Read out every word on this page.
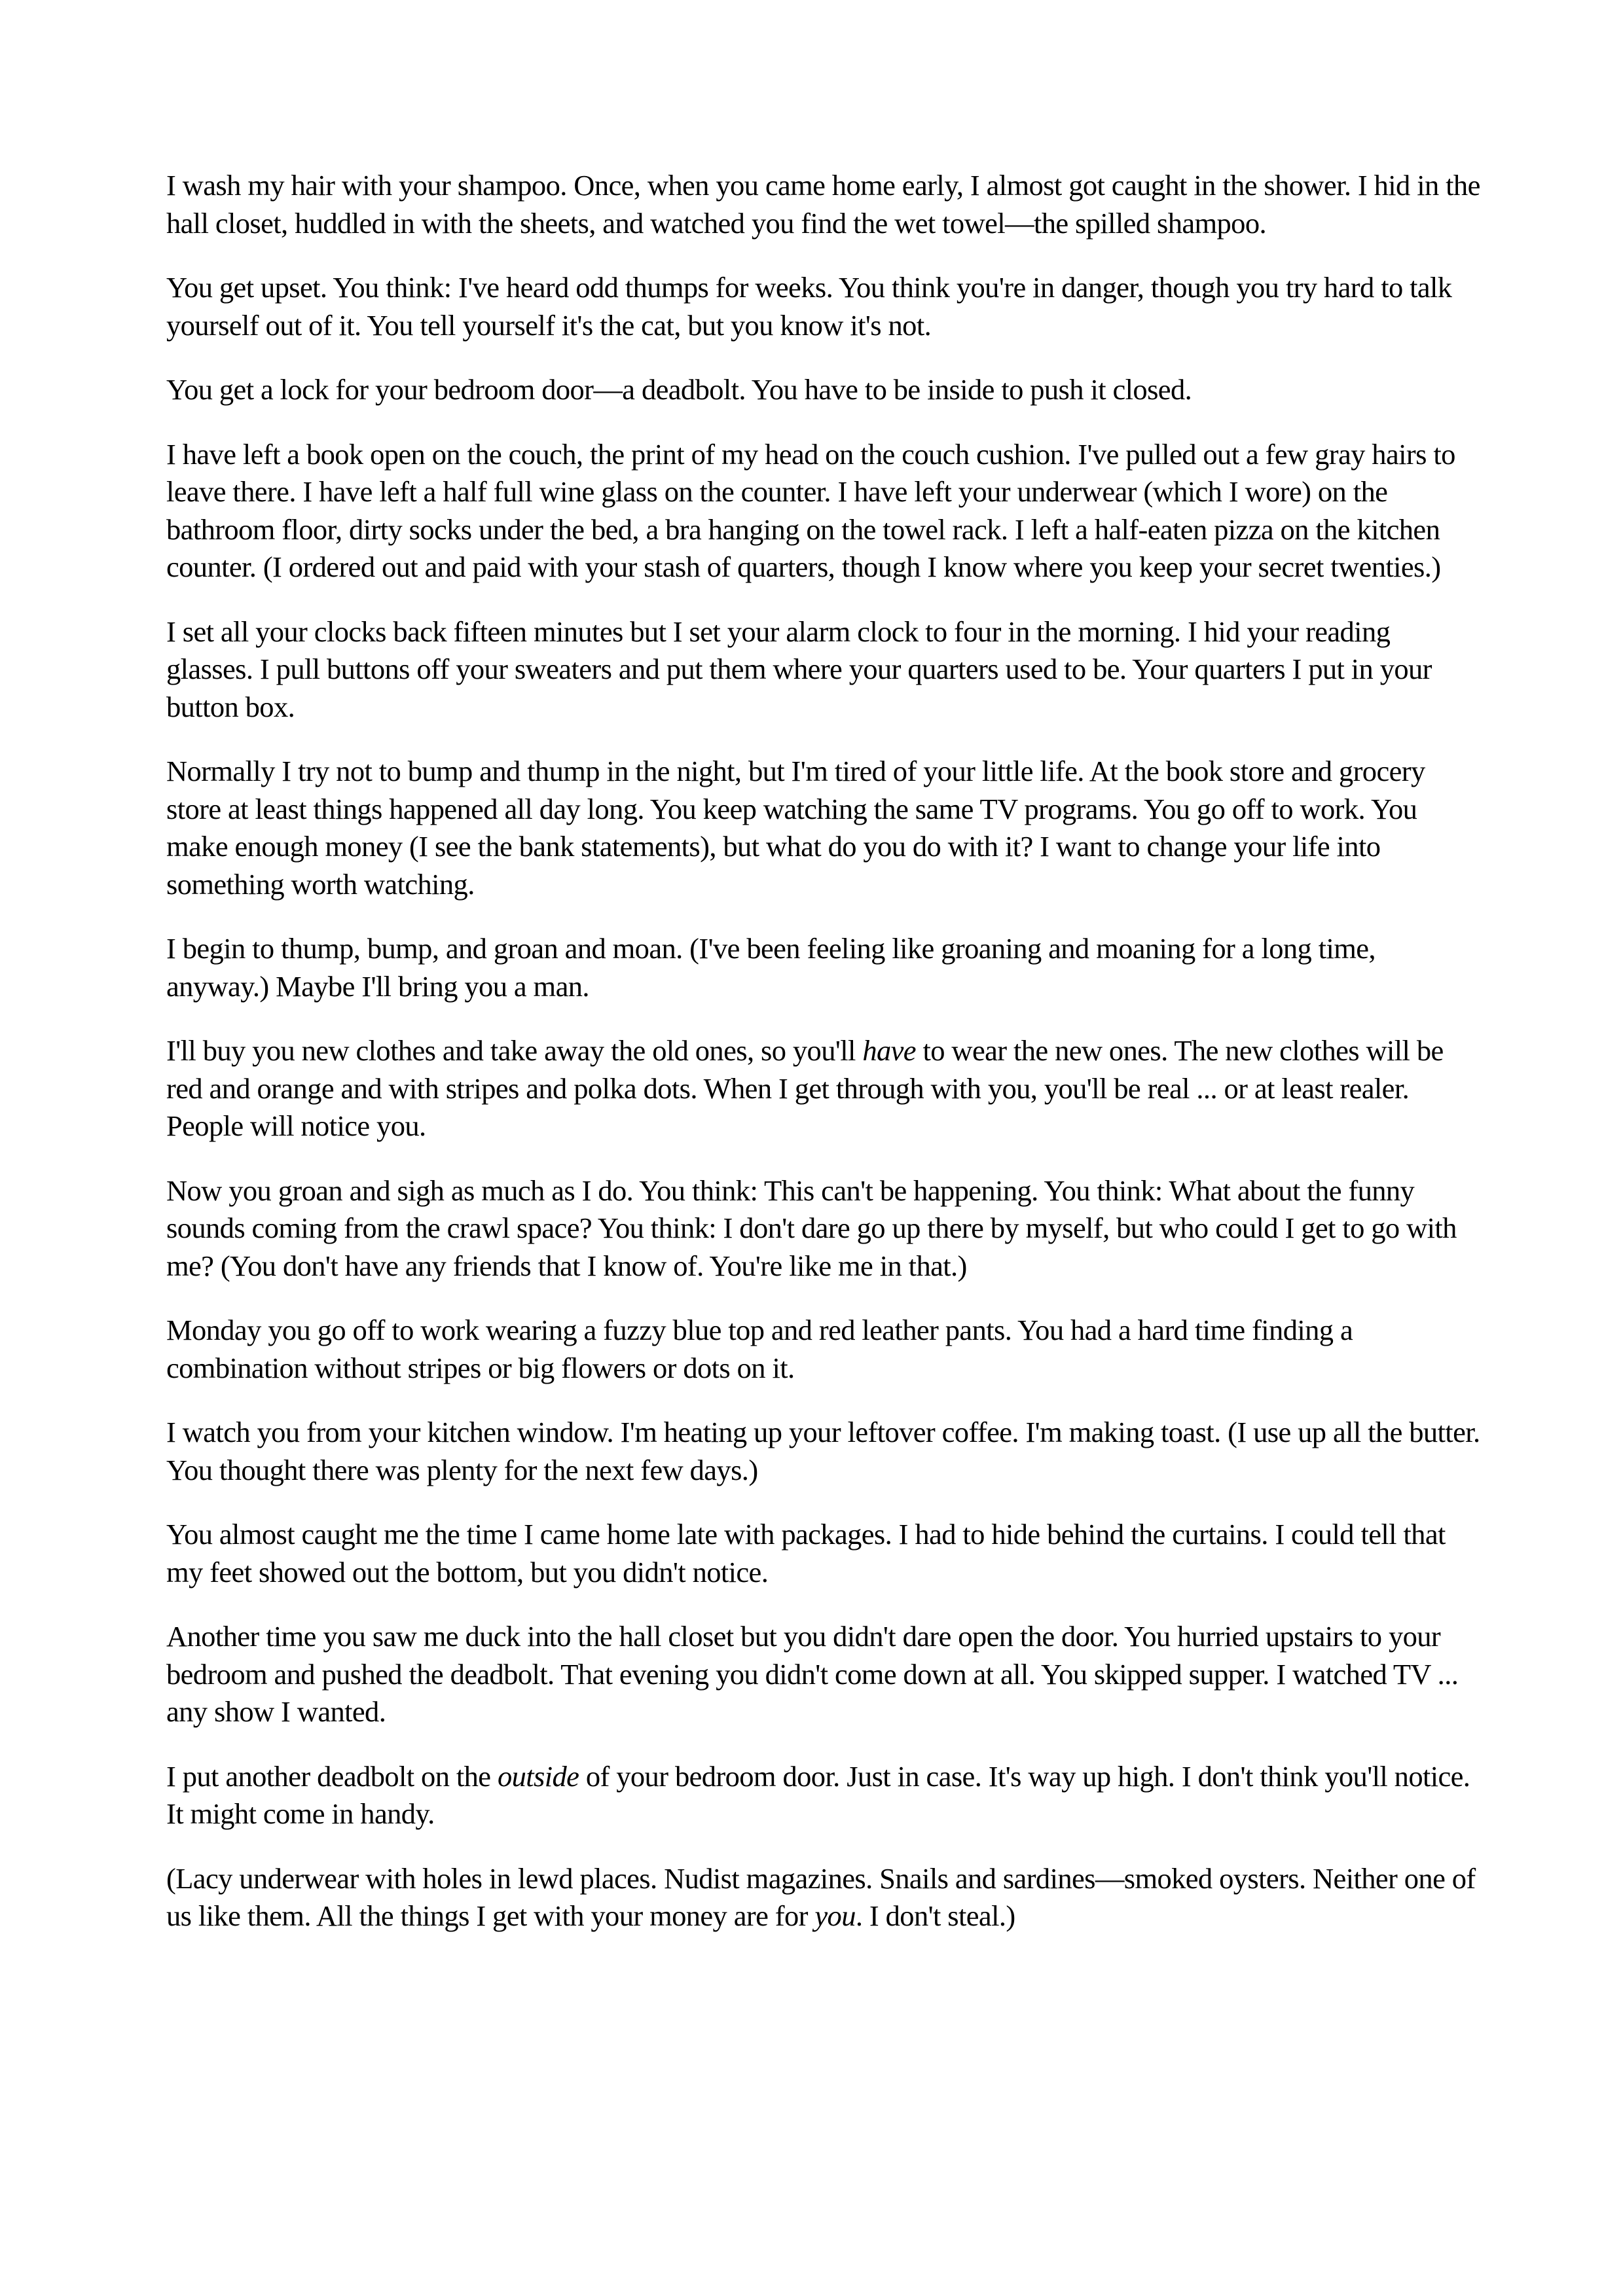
I wash my hair with your shampoo. Once, when you came home early, I almost got caught in the shower. I hid in the hall closet, huddled in with the sheets, and watched you find the wet towel—the spilled shampoo.

You get upset. You think: I've heard odd thumps for weeks. You think you're in danger, though you try hard to talk yourself out of it. You tell yourself it's the cat, but you know it's not.

You get a lock for your bedroom door—a deadbolt. You have to be inside to push it closed.

I have left a book open on the couch, the print of my head on the couch cushion. I've pulled out a few gray hairs to leave there. I have left a half full wine glass on the counter. I have left your underwear (which I wore) on the bathroom floor, dirty socks under the bed, a bra hanging on the towel rack. I left a half-eaten pizza on the kitchen counter. (I ordered out and paid with your stash of quarters, though I know where you keep your secret twenties.)

I set all your clocks back fifteen minutes but I set your alarm clock to four in the morning. I hid your reading glasses. I pull buttons off your sweaters and put them where your quarters used to be. Your quarters I put in your button box.

Normally I try not to bump and thump in the night, but I'm tired of your little life. At the book store and grocery store at least things happened all day long. You keep watching the same TV programs. You go off to work. You make enough money (I see the bank statements), but what do you do with it? I want to change your life into something worth watching.

I begin to thump, bump, and groan and moan. (I've been feeling like groaning and moaning for a long time, anyway.) Maybe I'll bring you a man.

I'll buy you new clothes and take away the old ones, so you'll have to wear the new ones. The new clothes will be red and orange and with stripes and polka dots. When I get through with you, you'll be real ... or at least realer. People will notice you.

Now you groan and sigh as much as I do. You think: This can't be happening. You think: What about the funny sounds coming from the crawl space? You think: I don't dare go up there by myself, but who could I get to go with me? (You don't have any friends that I know of. You're like me in that.)

Monday you go off to work wearing a fuzzy blue top and red leather pants. You had a hard time finding a combination without stripes or big flowers or dots on it.

I watch you from your kitchen window. I'm heating up your leftover coffee. I'm making toast. (I use up all the butter. You thought there was plenty for the next few days.)

You almost caught me the time I came home late with packages. I had to hide behind the curtains. I could tell that my feet showed out the bottom, but you didn't notice.

Another time you saw me duck into the hall closet but you didn't dare open the door. You hurried upstairs to your bedroom and pushed the deadbolt. That evening you didn't come down at all. You skipped supper. I watched TV ... any show I wanted.

I put another deadbolt on the outside of your bedroom door. Just in case. It's way up high. I don't think you'll notice. It might come in handy.

(Lacy underwear with holes in lewd places. Nudist magazines. Snails and sardines—smoked oysters. Neither one of us like them. All the things I get with your money are for you. I don't steal.)
